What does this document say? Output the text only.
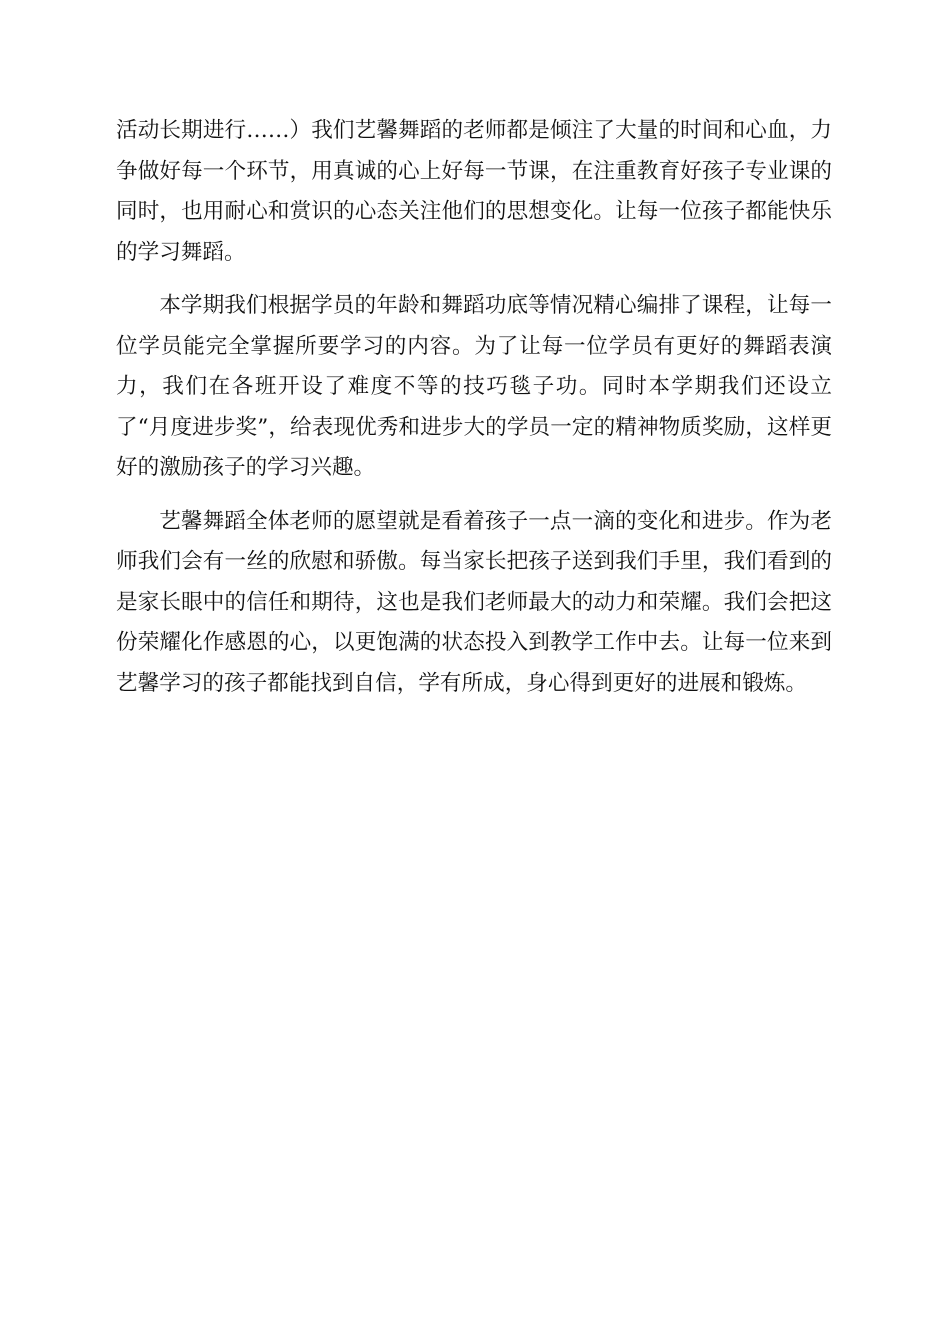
活动长期进行……）我们艺馨舞蹈的老师都是倾注了大量的时间和心血，力争做好每一个环节，用真诚的心上好每一节课，在注重教育好孩子专业课的同时，也用耐心和赏识的心态关注他们的思想变化。让每一位孩子都能快乐的学习舞蹈。

本学期我们根据学员的年龄和舞蹈功底等情况精心编排了课程，让每一位学员能完全掌握所要学习的内容。为了让每一位学员有更好的舞蹈表演力，我们在各班开设了难度不等的技巧毯子功。同时本学期我们还设立了“月度进步奖”，给表现优秀和进步大的学员一定的精神物质奖励，这样更好的激励孩子的学习兴趣。

艺馨舞蹈全体老师的愿望就是看着孩子一点一滴的变化和进步。作为老师我们会有一丝的欣慰和骄傲。每当家长把孩子送到我们手里，我们看到的是家长眼中的信任和期待，这也是我们老师最大的动力和荣耀。我们会把这份荣耀化作感恩的心，以更饱满的状态投入到教学工作中去。让每一位来到艺馨学习的孩子都能找到自信，学有所成，身心得到更好的进展和锻炼。
